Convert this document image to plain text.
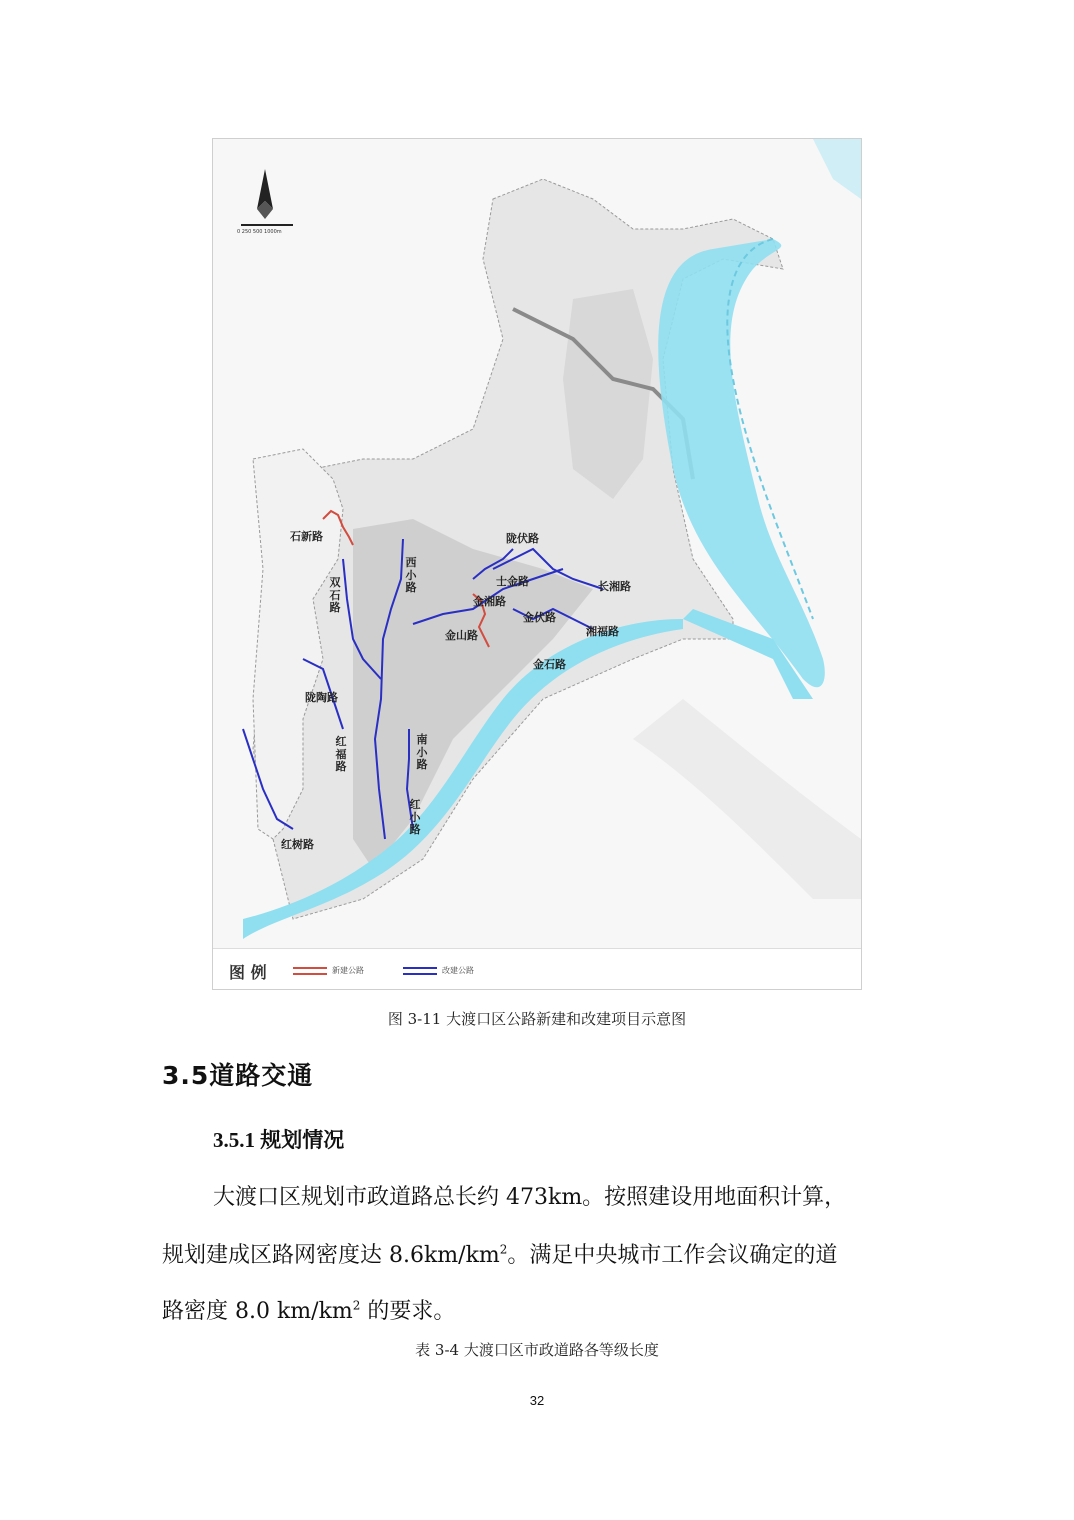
0 250 500 1000m
石新路
双石路
西小路
陇伏路
士金路
金湘路
长湘路
金伏路
金山路	湘福路
金石路
陇陶路
红福路
南小路
红小路
红树路
图 例	新建公路	改建公路
图 3-11 大渡口区公路新建和改建项目示意图
3.5道路交通
3.5.1 规划情况
大渡口区规划市政道路总长约 473km。按照建设用地面积计算，
规划建成区路网密度达 $8.6km/km^2$。满足中央城市工作会议确定的道
路密度 8.0 $km/km^2$ 的要求。
表 3-4 大渡口区市政道路各等级长度
32
